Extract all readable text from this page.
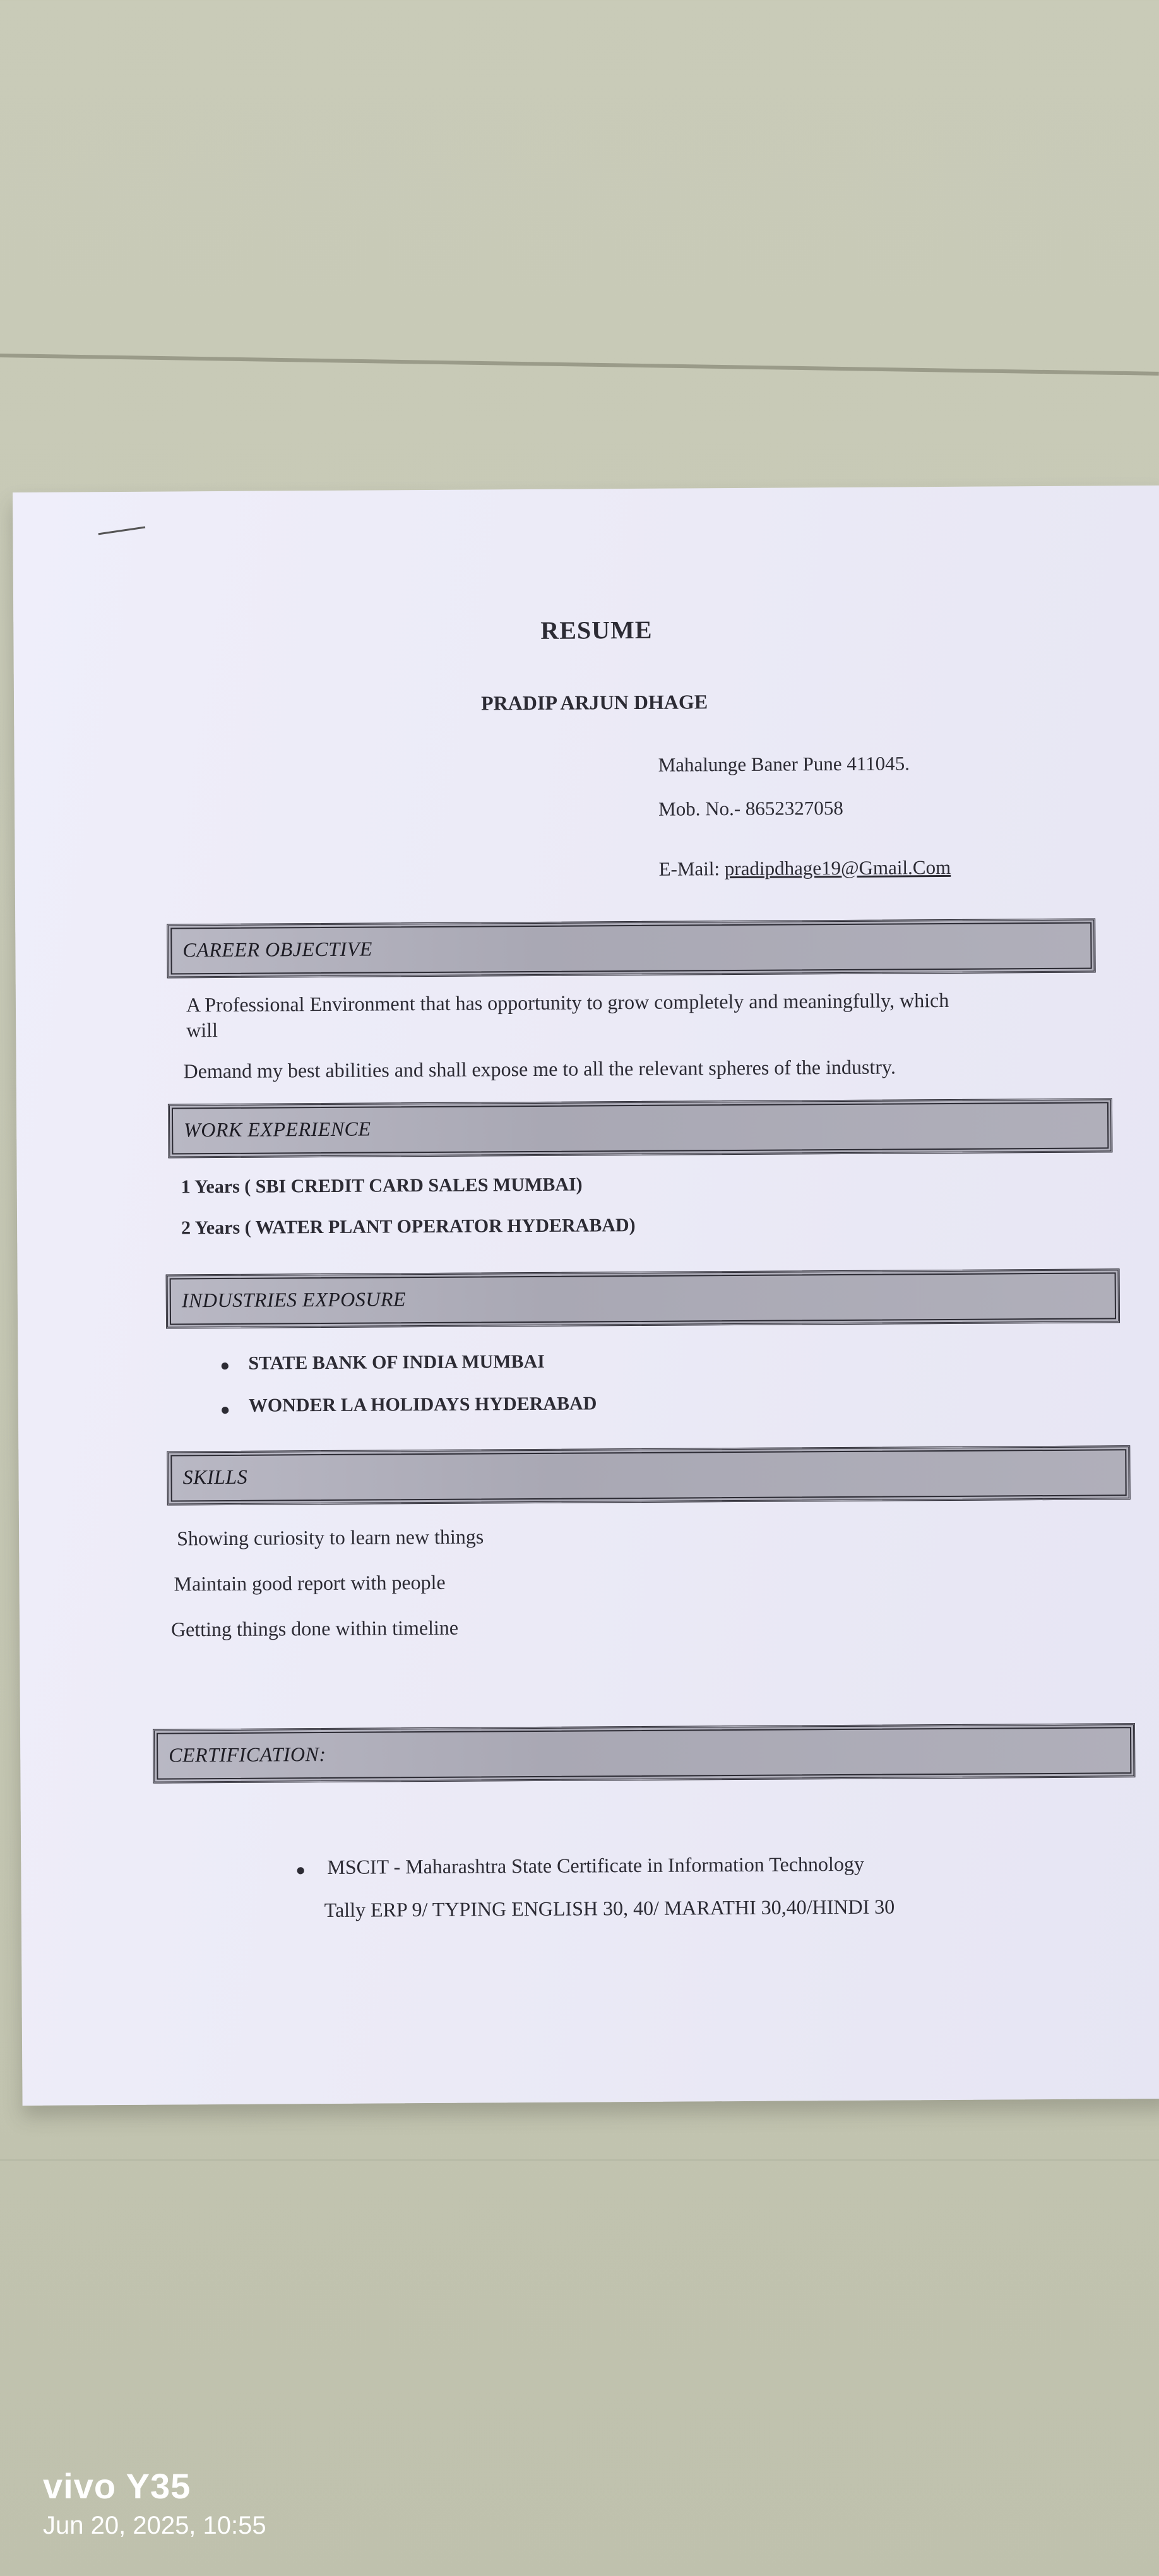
RESUME
PRADIP ARJUN DHAGE
Mahalunge Baner Pune 411045.
Mob. No.- 8652327058
E-Mail: pradipdhage19@Gmail.Com
CAREER OBJECTIVE
A Professional Environment that has opportunity to grow completely and meaningfully, which
will
Demand my best abilities and shall expose me to all the relevant spheres of the industry.
WORK EXPERIENCE
1 Years ( SBI CREDIT CARD SALES MUMBAI)
2 Years ( WATER PLANT OPERATOR HYDERABAD)
INDUSTRIES EXPOSURE
● STATE BANK OF INDIA MUMBAI
● WONDER LA HOLIDAYS HYDERABAD
SKILLS
Showing curiosity to learn new things
Maintain good report with people
Getting things done within timeline
CERTIFICATION:
● MSCIT - Maharashtra State Certificate in Information Technology
Tally ERP 9/ TYPING ENGLISH 30, 40/ MARATHI 30,40/HINDI 30
vivo Y35
Jun 20, 2025, 10:55
